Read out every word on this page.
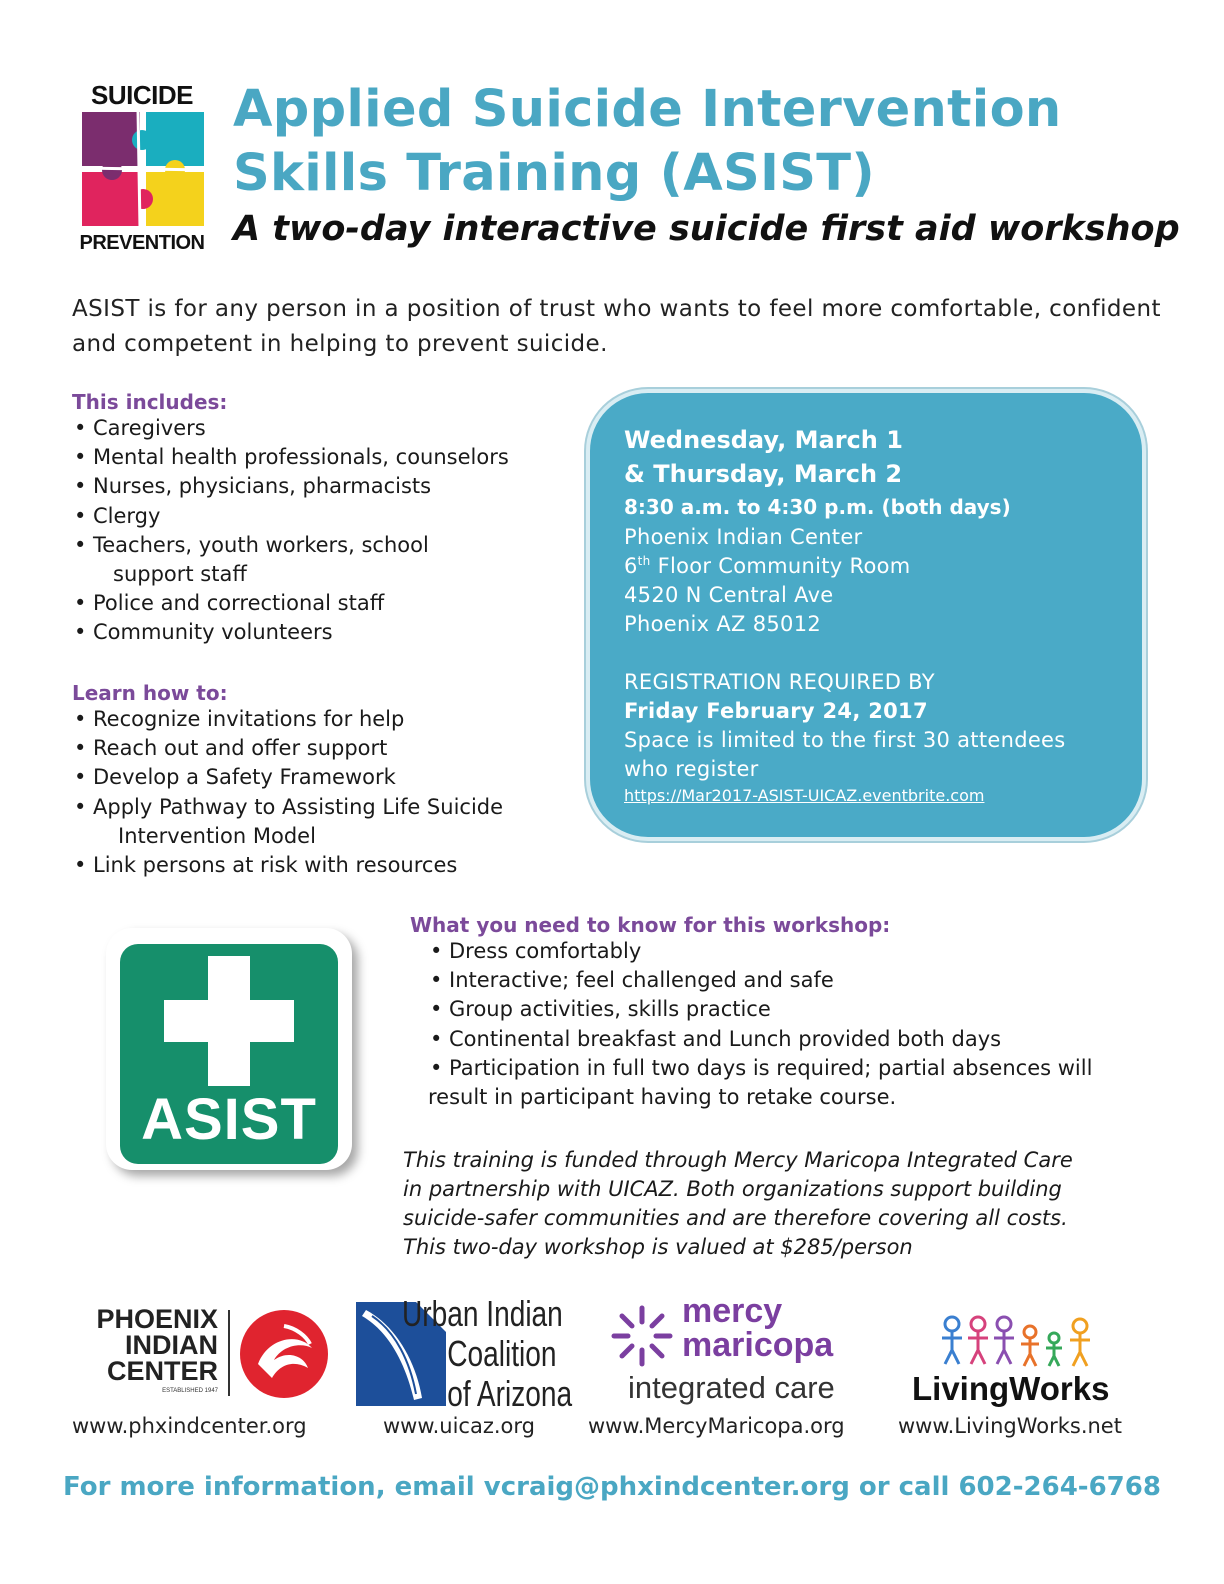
SUICIDE
PREVENTION
Applied Suicide Intervention
Skills Training (ASIST)
A two-day interactive suicide first aid workshop
ASIST is for any person in a position of trust who wants to feel more comfortable, confident and competent in helping to prevent suicide.
This includes:
• Caregivers
• Mental health professionals, counselors
• Nurses, physicians, pharmacists
• Clergy
• Teachers, youth workers, school
support staff
• Police and correctional staff
• Community volunteers
Learn how to:
• Recognize invitations for help
• Reach out and offer support
• Develop a Safety Framework
• Apply Pathway to Assisting Life Suicide
Intervention Model
• Link persons at risk with resources
Wednesday, March 1
& Thursday, March 2
8:30 a.m. to 4:30 p.m. (both days)
Phoenix Indian Center
6th Floor Community Room
4520 N Central Ave
Phoenix AZ 85012
REGISTRATION REQUIRED BY
Friday February 24, 2017
Space is limited to the first 30 attendees
who register
https://Mar2017-ASIST-UICAZ.eventbrite.com
ASIST
What you need to know for this workshop:
• Dress comfortably
• Interactive; feel challenged and safe
• Group activities, skills practice
• Continental breakfast and Lunch provided both days
• Participation in full two days is required; partial absences will
result in participant having to retake course.
This training is funded through Mercy Maricopa Integrated Care
in partnership with UICAZ. Both organizations support building
suicide-safer communities and are therefore covering all costs.
This two-day workshop is valued at $285/person
PHOENIX
INDIAN
CENTER
ESTABLISHED 1947
www.phxindcenter.org
Urban Indian
Coalition
of Arizona
www.uicaz.org
mercy
maricopa
integrated care
www.MercyMaricopa.org
LivingWorks
www.LivingWorks.net
For more information, email vcraig@phxindcenter.org or call 602-264-6768
